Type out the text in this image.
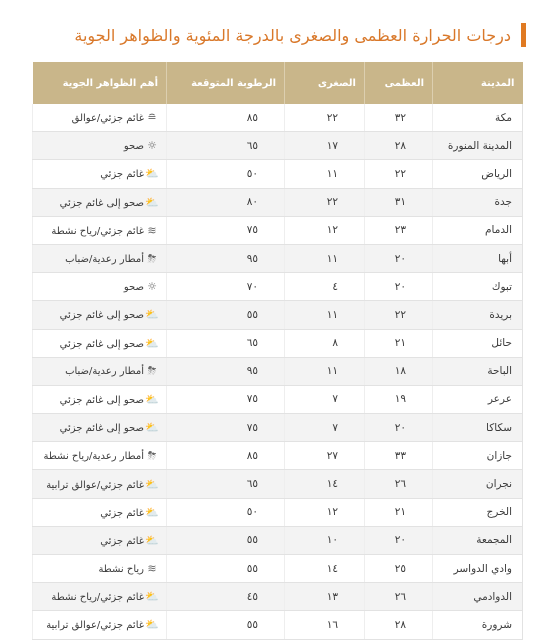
درجات الحرارة العظمى والصغرى بالدرجة المئوية والظواهر الجوية
المدينة	العظمى	الصغرى	الرطوبة المتوقعة	أهم الظواهر الجوية
مكة	٣٢	٢٢	٨٥	≘غائم جزئي/عوالق
المدينة المنورة	٢٨	١٧	٦٥	☼صحو
الرياض	٢٢	١١	٥٠	⛅غائم جزئي
جدة	٣١	٢٢	٨٠	⛅صحو إلى غائم جزئي
الدمام	٢٣	١٢	٧٥	≋غائم جزئي/رياح نشطة
أبها	٢٠	١١	٩٥	⛈أمطار رعدية/ضباب
تبوك	٢٠	٤	٧٠	☼صحو
بريدة	٢٢	١١	٥٥	⛅صحو إلى غائم جزئي
حائل	٢١	٨	٦٥	⛅صحو إلى غائم جزئي
الباحة	١٨	١١	٩٥	⛈أمطار رعدية/ضباب
عرعر	١٩	٧	٧٥	⛅صحو إلى غائم جزئي
سكاكا	٢٠	٧	٧٥	⛅صحو إلى غائم جزئي
جازان	٣٣	٢٧	٨٥	⛈أمطار رعدية/رياح نشطة
نجران	٢٦	١٤	٦٥	⛅غائم جزئي/عوالق ترابية
الخرج	٢١	١٢	٥٠	⛅غائم جزئي
المجمعة	٢٠	١٠	٥٥	⛅غائم جزئي
وادي الدواسر	٢٥	١٤	٥٥	≋رياح نشطة
الدوادمي	٢٦	١٣	٤٥	⛅غائم جزئي/رياح نشطة
شرورة	٢٨	١٦	٥٥	⛅غائم جزئي/عوالق ترابية
